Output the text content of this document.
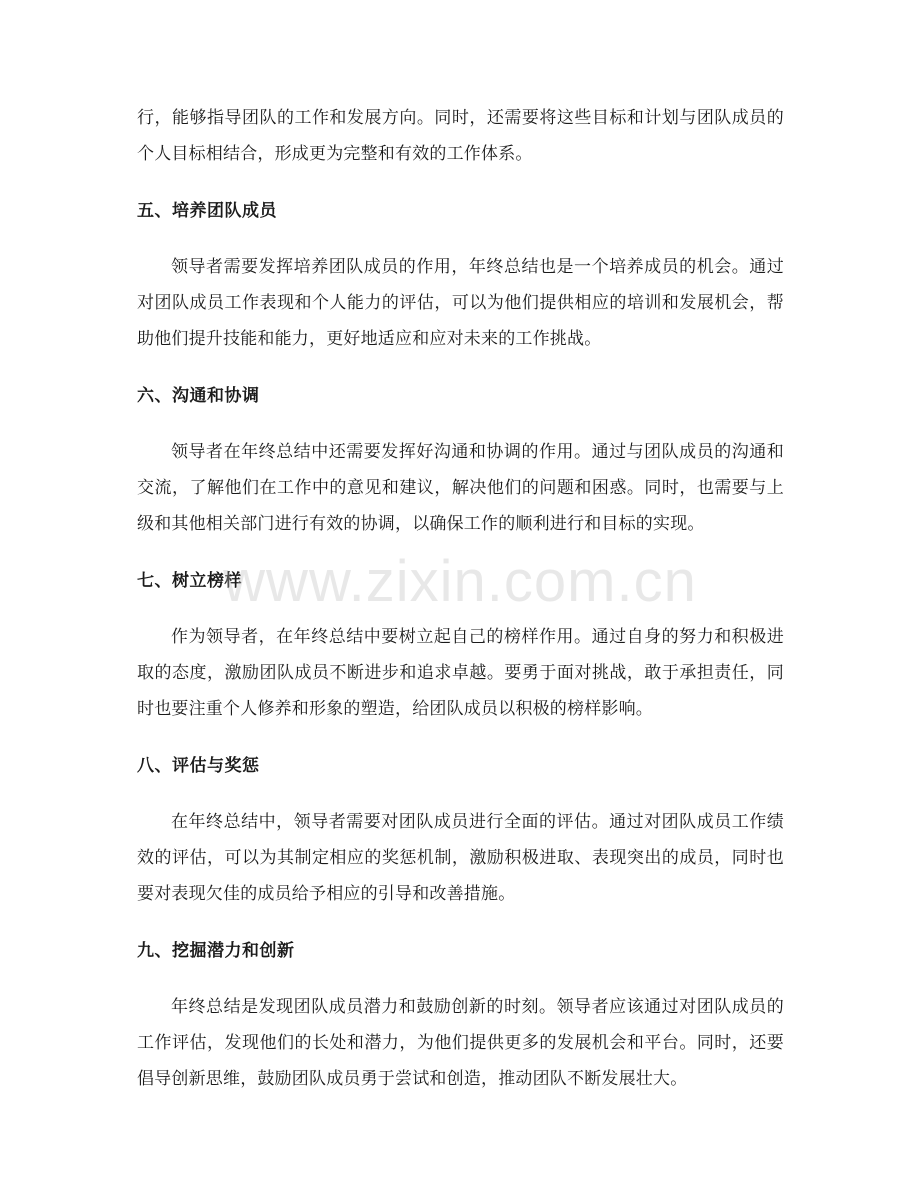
行，能够指导团队的工作和发展方向。同时，还需要将这些目标和计划与团队成员的个人目标相结合，形成更为完整和有效的工作体系。

五、培养团队成员

领导者需要发挥培养团队成员的作用，年终总结也是一个培养成员的机会。通过对团队成员工作表现和个人能力的评估，可以为他们提供相应的培训和发展机会，帮助他们提升技能和能力，更好地适应和应对未来的工作挑战。

六、沟通和协调

领导者在年终总结中还需要发挥好沟通和协调的作用。通过与团队成员的沟通和交流，了解他们在工作中的意见和建议，解决他们的问题和困惑。同时，也需要与上级和其他相关部门进行有效的协调，以确保工作的顺利进行和目标的实现。

七、树立榜样

作为领导者，在年终总结中要树立起自己的榜样作用。通过自身的努力和积极进取的态度，激励团队成员不断进步和追求卓越。要勇于面对挑战，敢于承担责任，同时也要注重个人修养和形象的塑造，给团队成员以积极的榜样影响。

八、评估与奖惩

在年终总结中，领导者需要对团队成员进行全面的评估。通过对团队成员工作绩效的评估，可以为其制定相应的奖惩机制，激励积极进取、表现突出的成员，同时也要对表现欠佳的成员给予相应的引导和改善措施。

九、挖掘潜力和创新

年终总结是发现团队成员潜力和鼓励创新的时刻。领导者应该通过对团队成员的工作评估，发现他们的长处和潜力，为他们提供更多的发展机会和平台。同时，还要倡导创新思维，鼓励团队成员勇于尝试和创造，推动团队不断发展壮大。

www.zixin.com.cn
